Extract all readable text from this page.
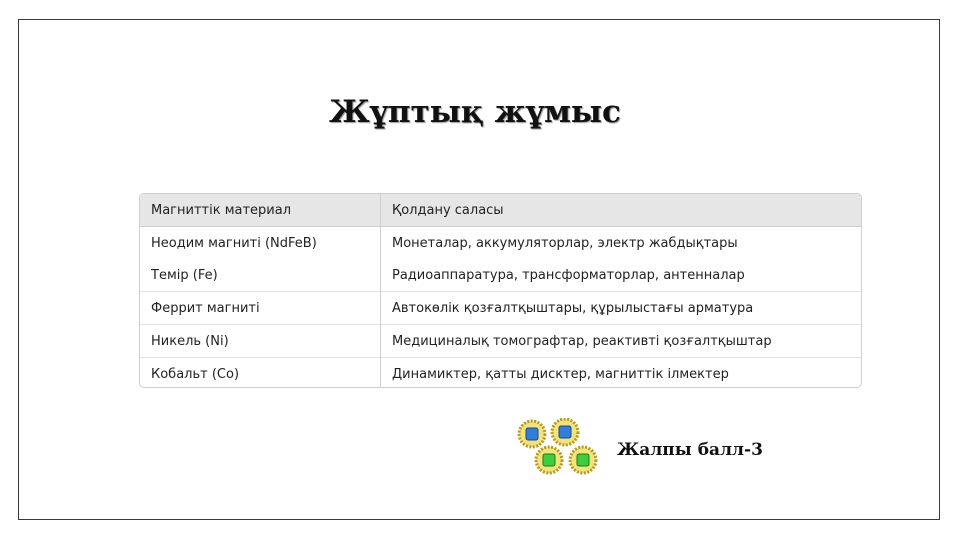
Жұптық жұмыс
Магниттік материал	Қолдану саласы
Неодим магниті (NdFeB)	Монеталар, аккумуляторлар, электр жабдықтары
Темір (Fe)	Радиоаппаратура, трансформаторлар, антенналар
Феррит магниті	Автокөлік қозғалтқыштары, құрылыстағы арматура
Никель (Ni)	Медициналық томографтар, реактивті қозғалтқыштар
Кобальт (Co)	Динамиктер, қатты дисктер, магниттік ілмектер
Жалпы балл-3
